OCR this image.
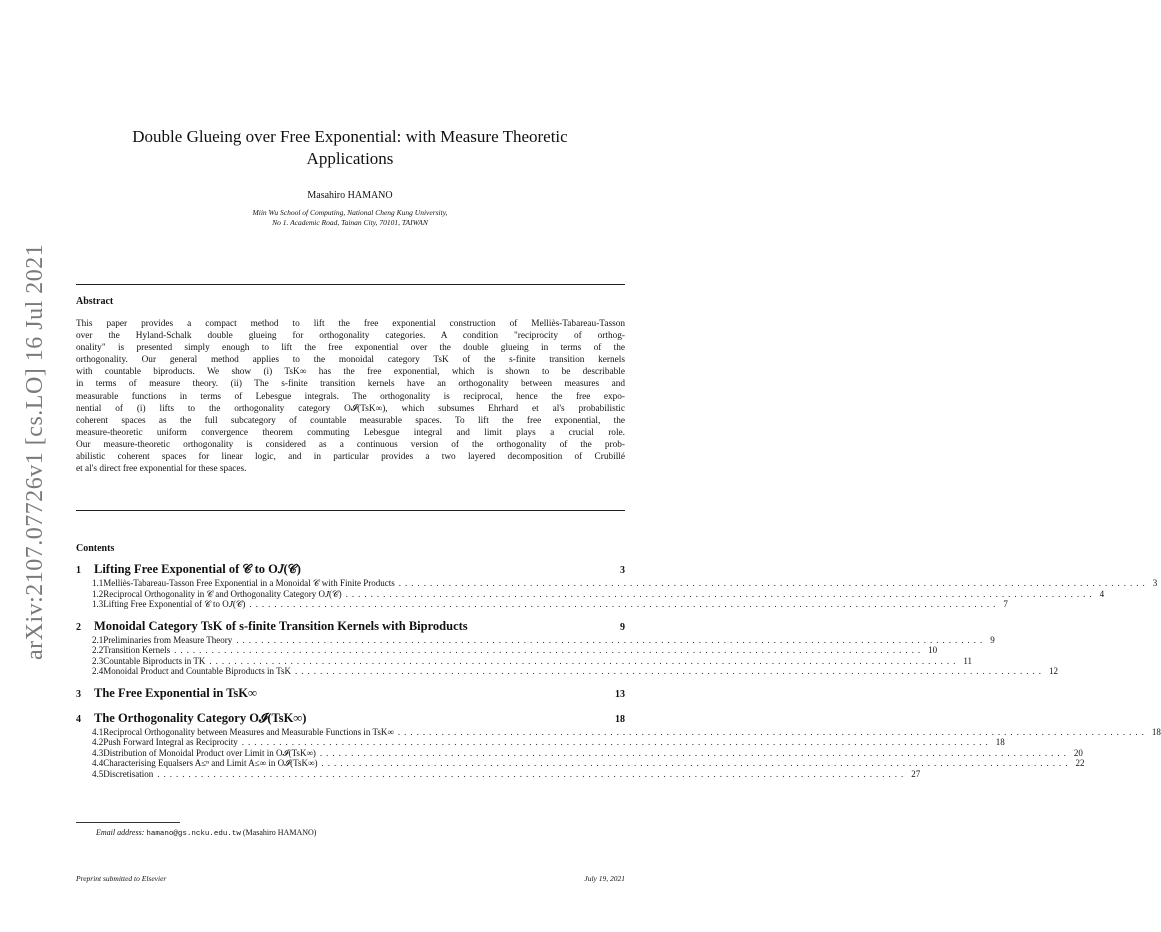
arXiv:2107.07726v1 [cs.LO] 16 Jul 2021
Double Glueing over Free Exponential: with Measure Theoretic
Applications
Masahiro HAMANO
Miin Wu School of Computing, National Cheng Kung University,
No 1. Academic Road, Tainan City, 70101, TAIWAN
Abstract
This paper provides a compact method to lift the free exponential construction of Melliès-Tabareau-Tasson
over the Hyland-Schalk double glueing for orthogonality categories. A condition "reciprocity of orthog-
onality" is presented simply enough to lift the free exponential over the double glueing in terms of the
orthogonality. Our general method applies to the monoidal category TsK of the s-finite transition kernels
with countable biproducts. We show (i) TsK∞ has the free exponential, which is shown to be describable
in terms of measure theory. (ii) The s-finite transition kernels have an orthogonality between measures and
measurable functions in terms of Lebesgue integrals. The orthogonality is reciprocal, hence the free expo-
nential of (i) lifts to the orthogonality category O𝓘(TsK∞), which subsumes Ehrhard et al's probabilistic
coherent spaces as the full subcategory of countable measurable spaces. To lift the free exponential, the
measure-theoretic uniform convergence theorem commuting Lebesgue integral and limit plays a crucial role.
Our measure-theoretic orthogonality is considered as a continuous version of the orthogonality of the prob-
abilistic coherent spaces for linear logic, and in particular provides a two layered decomposition of Crubillé
et al's direct free exponential for these spaces.
Contents
1	Lifting Free Exponential of 𝒞 to O𝐽(𝒞)	3
1.1 Melliès-Tabareau-Tasson Free Exponential in a Monoidal 𝒞 with Finite Products ........................................................................................................................ 3
1.2 Reciprocal Orthogonality in 𝒞 and Orthogonality Category O𝐽(𝒞) ........................................................................................................................ 4
1.3 Lifting Free Exponential of 𝒞 to O𝐽(𝒞) ........................................................................................................................ 7
2	Monoidal Category TsK of s-finite Transition Kernels with Biproducts	9
2.1 Preliminaries from Measure Theory ........................................................................................................................ 9
2.2 Transition Kernels ........................................................................................................................ 10
2.3 Countable Biproducts in TK ........................................................................................................................ 11
2.4 Monoidal Product and Countable Biproducts in TsK ........................................................................................................................ 12
3	The Free Exponential in TsK∞	13
4	The Orthogonality Category O𝓘(TsK∞)	18
4.1 Reciprocal Orthogonality between Measures and Measurable Functions in TsK∞ ........................................................................................................................ 18
4.2 Push Forward Integral as Reciprocity ........................................................................................................................ 18
4.3 Distribution of Monoidal Product over Limit in O𝓘(TsK∞) ........................................................................................................................ 20
4.4 Characterising Equalsers A≤ⁿ and Limit A≤∞ in O𝓘(TsK∞) ........................................................................................................................ 22
4.5 Discretisation ........................................................................................................................ 27
Email address: hamano@gs.ncku.edu.tw (Masahiro HAMANO)
Preprint submitted to Elsevier	July 19, 2021
